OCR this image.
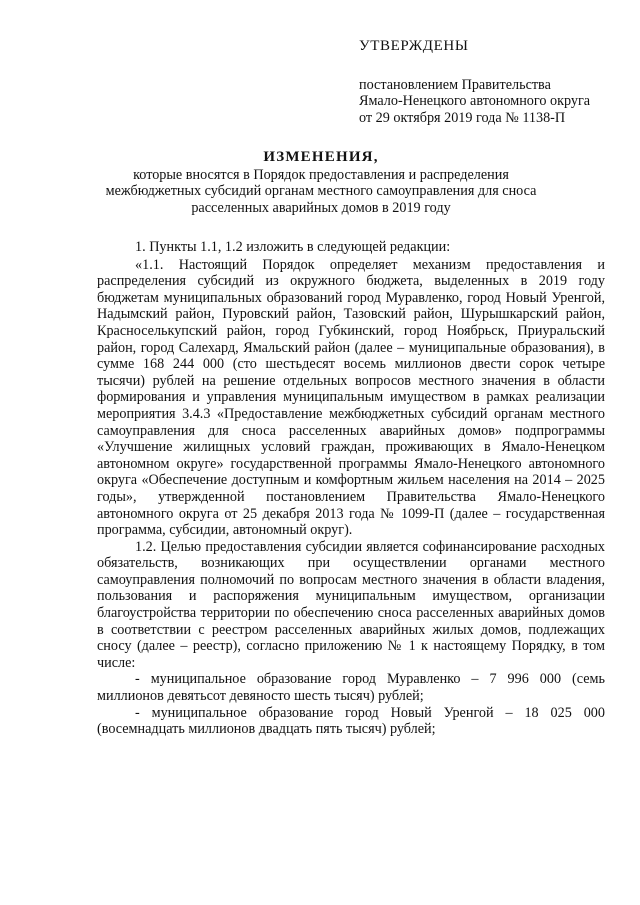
УТВЕРЖДЕНЫ
постановлением Правительства
Ямало-Ненецкого автономного округа
от 29 октября 2019 года № 1138-П
ИЗМЕНЕНИЯ,
которые вносятся в Порядок предоставления и распределения межбюджетных субсидий органам местного самоуправления для сноса расселенных аварийных домов в 2019 году

1. Пункты 1.1, 1.2 изложить в следующей редакции:

«1.1. Настоящий Порядок определяет механизм предоставления и распределения субсидий из окружного бюджета, выделенных в 2019 году бюджетам муниципальных образований город Муравленко, город Новый Уренгой, Надымский район, Пуровский район, Тазовский район, Шурышкарский район, Красноселькупский район, город Губкинский, город Ноябрьск, Приуральский район, город Салехард, Ямальский район (далее – муниципальные образования), в сумме 168 244 000 (сто шестьдесят восемь миллионов двести сорок четыре тысячи) рублей на решение отдельных вопросов местного значения в области формирования и управления муниципальным имуществом в рамках реализации мероприятия 3.4.3 «Предоставление межбюджетных субсидий органам местного самоуправления для сноса расселенных аварийных домов» подпрограммы «Улучшение жилищных условий граждан, проживающих в Ямало-Ненецком автономном округе» государственной программы Ямало-Ненецкого автономного округа «Обеспечение доступным и комфортным жильем населения на 2014 – 2025 годы», утвержденной постановлением Правительства Ямало-Ненецкого автономного округа от 25 декабря 2013 года № 1099-П (далее – государственная программа, субсидии, автономный округ).

1.2. Целью предоставления субсидии является софинансирование расходных обязательств, возникающих при осуществлении органами местного самоуправления полномочий по вопросам местного значения в области владения, пользования и распоряжения муниципальным имуществом, организации благоустройства территории по обеспечению сноса расселенных аварийных домов в соответствии с реестром расселенных аварийных жилых домов, подлежащих сносу (далее – реестр), согласно приложению № 1 к настоящему Порядку, в том числе:

- муниципальное образование город Муравленко – 7 996 000 (семь миллионов девятьсот девяносто шесть тысяч) рублей;

- муниципальное образование город Новый Уренгой – 18 025 000 (восемнадцать миллионов двадцать пять тысяч) рублей;
